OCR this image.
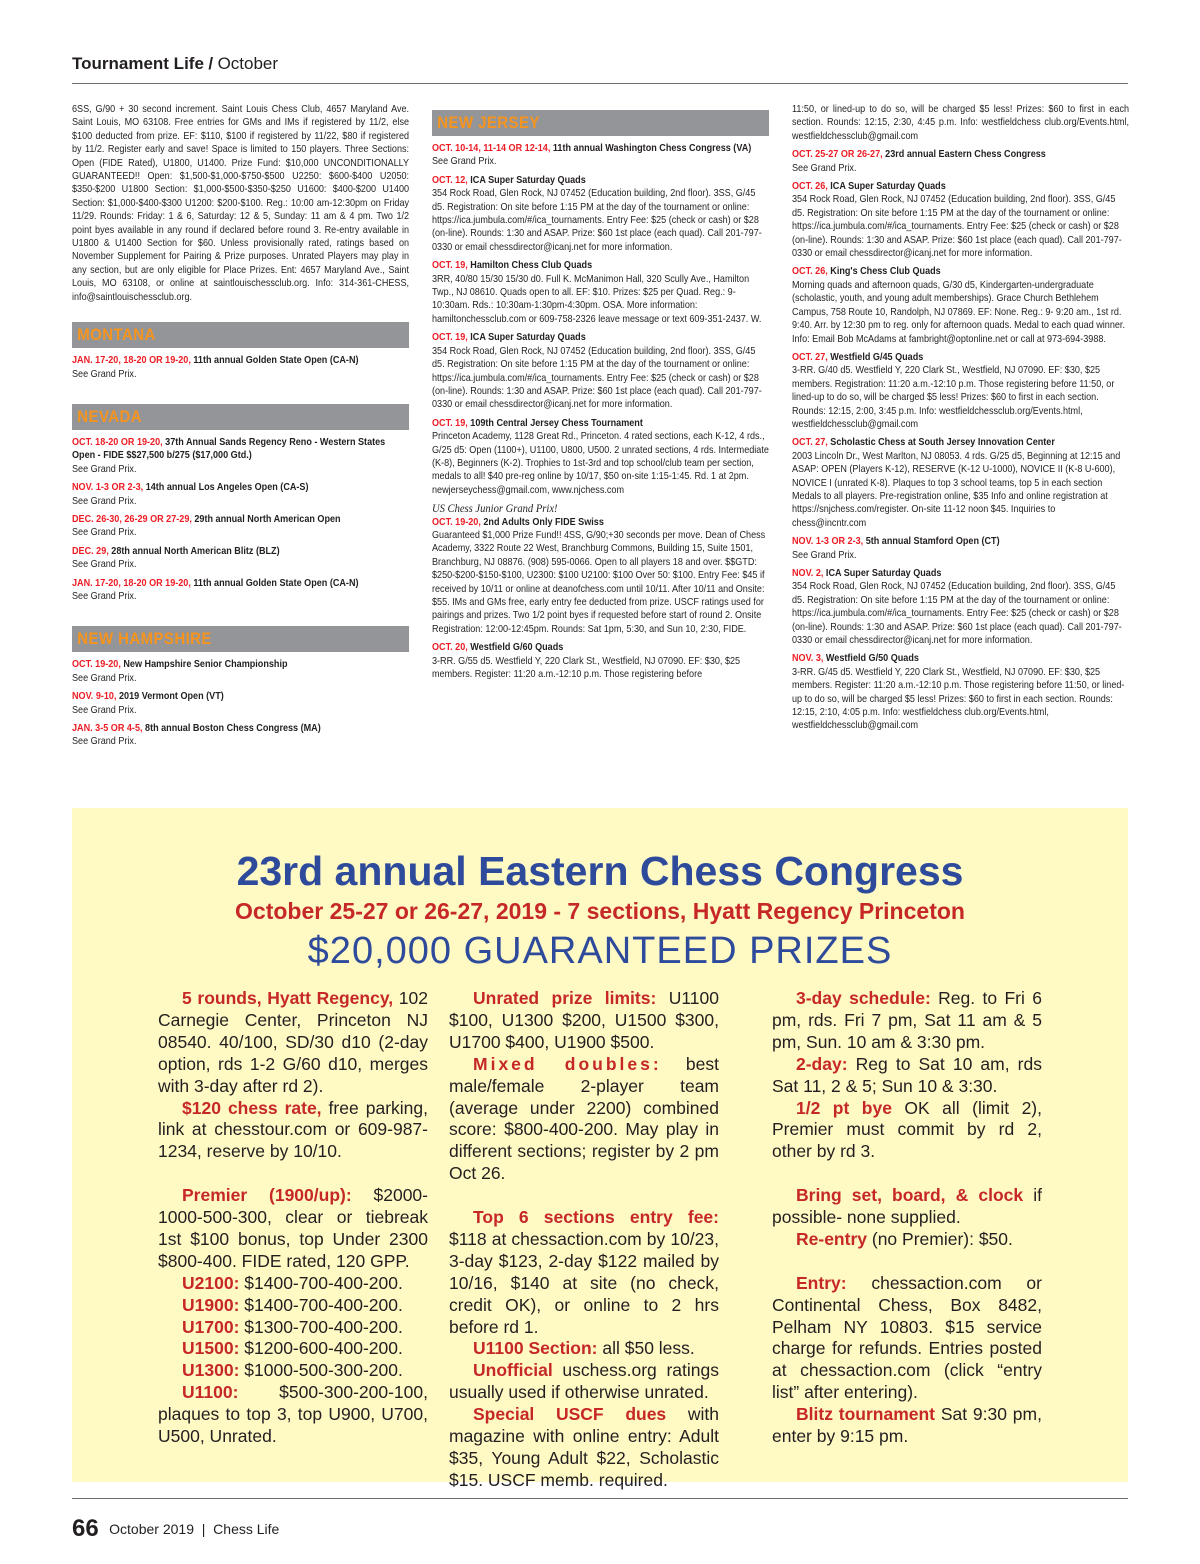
Tournament Life / October

6SS, G/90 + 30 second increment. Saint Louis Chess Club, 4657 Maryland Ave. Saint Louis, MO 63108. Free entries for GMs and IMs if registered by 11/2, else $100 deducted from prize. EF: $110, $100 if registered by 11/22, $80 if registered by 11/2. Register early and save! Space is limited to 150 players. Three Sections: Open (FIDE Rated), U1800, U1400. Prize Fund: $10,000 UNCONDITIONALLY GUARANTEED!! Open: $1,500-$1,000-$750-$500 U2250: $600-$400 U2050: $350-$200 U1800 Section: $1,000-$500-$350-$250 U1600: $400-$200 U1400 Section: $1,000-$400-$300 U1200: $200-$100. Reg.: 10:00 am-12:30pm on Friday 11/29. Rounds: Friday: 1 & 6, Saturday: 12 & 5, Sunday: 11 am & 4 pm. Two 1/2 point byes available in any round if declared before round 3. Re-entry available in U1800 & U1400 Section for $60. Unless provisionally rated, ratings based on November Supplement for Pairing & Prize purposes. Unrated Players may play in any section, but are only eligible for Place Prizes. Ent: 4657 Maryland Ave., Saint Louis, MO 63108, or online at saintlouischessclub.org. Info: 314-361-CHESS, info@saintlouischessclub.org.

MONTANA
JAN. 17-20, 18-20 OR 19-20, 11th annual Golden State Open (CA-N)
See Grand Prix.
NEVADA
OCT. 18-20 OR 19-20, 37th Annual Sands Regency Reno - Western States Open - FIDE $$27,500 b/275 ($17,000 Gtd.)
See Grand Prix.
NOV. 1-3 OR 2-3, 14th annual Los Angeles Open (CA-S)
See Grand Prix.
DEC. 26-30, 26-29 OR 27-29, 29th annual North American Open
See Grand Prix.
DEC. 29, 28th annual North American Blitz (BLZ)
See Grand Prix.
JAN. 17-20, 18-20 OR 19-20, 11th annual Golden State Open (CA-N)
See Grand Prix.
NEW HAMPSHIRE
OCT. 19-20, New Hampshire Senior Championship
See Grand Prix.
NOV. 9-10, 2019 Vermont Open (VT)
See Grand Prix.
JAN. 3-5 OR 4-5, 8th annual Boston Chess Congress (MA)
See Grand Prix.
NEW JERSEY
OCT. 10-14, 11-14 OR 12-14, 11th annual Washington Chess Congress (VA)
See Grand Prix.
OCT. 12, ICA Super Saturday Quads
354 Rock Road, Glen Rock, NJ 07452 (Education building, 2nd floor). 3SS, G/45 d5. Registration: On site before 1:15 PM at the day of the tournament or online: https://ica.jumbula.com/#/ica_tournaments. Entry Fee: $25 (check or cash) or $28 (on-line). Rounds: 1:30 and ASAP. Prize: $60 1st place (each quad). Call 201-797-0330 or email chessdirector@icanj.net for more information.
OCT. 19, Hamilton Chess Club Quads
3RR, 40/80 15/30 15/30 d0. Full K. McManimon Hall, 320 Scully Ave., Hamilton Twp., NJ 08610. Quads open to all. EF: $10. Prizes: $25 per Quad. Reg.: 9-10:30am. Rds.: 10:30am-1:30pm-4:30pm. OSA. More information: hamiltonchessclub.com or 609-758-2326 leave message or text 609-351-2437. W.
OCT. 19, ICA Super Saturday Quads
354 Rock Road, Glen Rock, NJ 07452 (Education building, 2nd floor). 3SS, G/45 d5. Registration: On site before 1:15 PM at the day of the tournament or online: https://ica.jumbula.com/#/ica_tournaments. Entry Fee: $25 (check or cash) or $28 (on-line). Rounds: 1:30 and ASAP. Prize: $60 1st place (each quad). Call 201-797-0330 or email chessdirector@icanj.net for more information.
OCT. 19, 109th Central Jersey Chess Tournament
Princeton Academy, 1128 Great Rd., Princeton. 4 rated sections, each K-12, 4 rds., G/25 d5: Open (1100+), U1100, U800, U500. 2 unrated sections, 4 rds. Intermediate (K-8), Beginners (K-2). Trophies to 1st-3rd and top school/club team per section, medals to all! $40 pre-reg online by 10/17, $50 on-site 1:15-1:45. Rd. 1 at 2pm. newjerseychess@gmail.com, www.njchess.com
US Chess Junior Grand Prix!
OCT. 19-20, 2nd Adults Only FIDE Swiss
Guaranteed $1,000 Prize Fund!! 4SS, G/90;+30 seconds per move. Dean of Chess Academy, 3322 Route 22 West, Branchburg Commons, Building 15, Suite 1501, Branchburg, NJ 08876. (908) 595-0066. Open to all players 18 and over. $$GTD: $250-$200-$150-$100, U2300: $100 U2100: $100 Over 50: $100. Entry Fee: $45 if received by 10/11 or online at deanofchess.com until 10/11. After 10/11 and Onsite: $55. IMs and GMs free, early entry fee deducted from prize. USCF ratings used for pairings and prizes. Two 1/2 point byes if requested before start of round 2. Onsite Registration: 12:00-12:45pm. Rounds: Sat 1pm, 5:30, and Sun 10, 2:30, FIDE.
OCT. 20, Westfield G/60 Quads
3-RR. G/55 d5. Westfield Y, 220 Clark St., Westfield, NJ 07090. EF: $30, $25 members. Register: 11:20 a.m.-12:10 p.m. Those registering before

11:50, or lined-up to do so, will be charged $5 less! Prizes: $60 to first in each section. Rounds: 12:15, 2:30, 4:45 p.m. Info: westfieldchess club.org/Events.html, westfieldchessclub@gmail.com

OCT. 25-27 OR 26-27, 23rd annual Eastern Chess Congress
See Grand Prix.
OCT. 26, ICA Super Saturday Quads
354 Rock Road, Glen Rock, NJ 07452 (Education building, 2nd floor). 3SS, G/45 d5. Registration: On site before 1:15 PM at the day of the tournament or online: https://ica.jumbula.com/#/ica_tournaments. Entry Fee: $25 (check or cash) or $28 (on-line). Rounds: 1:30 and ASAP. Prize: $60 1st place (each quad). Call 201-797-0330 or email chessdirector@icanj.net for more information.
OCT. 26, King's Chess Club Quads
Morning quads and afternoon quads, G/30 d5, Kindergarten-undergraduate (scholastic, youth, and young adult memberships). Grace Church Bethlehem Campus, 758 Route 10, Randolph, NJ 07869. EF: None. Reg.: 9- 9:20 am., 1st rd. 9:40. Arr. by 12:30 pm to reg. only for afternoon quads. Medal to each quad winner. Info: Email Bob McAdams at fambright@optonline.net or call at 973-694-3988.
OCT. 27, Westfield G/45 Quads
3-RR. G/40 d5. Westfield Y, 220 Clark St., Westfield, NJ 07090. EF: $30, $25 members. Registration: 11:20 a.m.-12:10 p.m. Those registering before 11:50, or lined-up to do so, will be charged $5 less! Prizes: $60 to first in each section. Rounds: 12:15, 2:00, 3:45 p.m. Info: westfieldchessclub.org/Events.html, westfieldchessclub@gmail.com
OCT. 27, Scholastic Chess at South Jersey Innovation Center
2003 Lincoln Dr., West Marlton, NJ 08053. 4 rds. G/25 d5, Beginning at 12:15 and ASAP: OPEN (Players K-12), RESERVE (K-12 U-1000), NOVICE II (K-8 U-600), NOVICE I (unrated K-8). Plaques to top 3 school teams, top 5 in each section Medals to all players. Pre-registration online, $35 Info and online registration at https://snjchess.com/register. On-site 11-12 noon $45. Inquiries to chess@incntr.com
NOV. 1-3 OR 2-3, 5th annual Stamford Open (CT)
See Grand Prix.
NOV. 2, ICA Super Saturday Quads
354 Rock Road, Glen Rock, NJ 07452 (Education building, 2nd floor). 3SS, G/45 d5. Registration: On site before 1:15 PM at the day of the tournament or online: https://ica.jumbula.com/#/ica_tournaments. Entry Fee: $25 (check or cash) or $28 (on-line). Rounds: 1:30 and ASAP. Prize: $60 1st place (each quad). Call 201-797-0330 or email chessdirector@icanj.net for more information.
NOV. 3, Westfield G/50 Quads
3-RR. G/45 d5. Westfield Y, 220 Clark St., Westfield, NJ 07090. EF: $30, $25 members. Register: 11:20 a.m.-12:10 p.m. Those registering before 11:50, or lined-up to do so, will be charged $5 less! Prizes: $60 to first in each section. Rounds: 12:15, 2:10, 4:05 p.m. Info: westfieldchess club.org/Events.html, westfieldchessclub@gmail.com
23rd annual Eastern Chess Congress
October 25-27 or 26-27, 2019 - 7 sections, Hyatt Regency Princeton
$20,000 GUARANTEED PRIZES

5 rounds, Hyatt Regency, 102 Carnegie Center, Princeton NJ 08540. 40/100, SD/30 d10 (2-day option, rds 1-2 G/60 d10, merges with 3-day after rd 2).

$120 chess rate, free parking, link at chesstour.com or 609-987-1234, reserve by 10/10.

Premier (1900/up): $2000-1000-500-300, clear or tiebreak 1st $100 bonus, top Under 2300 $800-400. FIDE rated, 120 GPP.

U2100: $1400-700-400-200.

U1900: $1400-700-400-200.

U1700: $1300-700-400-200.

U1500: $1200-600-400-200.

U1300: $1000-500-300-200.

U1100: $500-300-200-100, plaques to top 3, top U900, U700, U500, Unrated.

Unrated prize limits: U1100 $100, U1300 $200, U1500 $300, U1700 $400, U1900 $500.

Mixed doubles: best male/female 2-player team (average under 2200) combined score: $800-400-200. May play in different sections; register by 2 pm Oct 26.

Top 6 sections entry fee: $118 at chessaction.com by 10/23, 3-day $123, 2-day $122 mailed by 10/16, $140 at site (no check, credit OK), or online to 2 hrs before rd 1.

U1100 Section: all $50 less.

Unofficial uschess.org ratings usually used if otherwise unrated.

Special USCF dues with magazine with online entry: Adult $35, Young Adult $22, Scholastic $15. USCF memb. required.

3-day schedule: Reg. to Fri 6 pm, rds. Fri 7 pm, Sat 11 am & 5 pm, Sun. 10 am & 3:30 pm.

2-day: Reg to Sat 10 am, rds Sat 11, 2 & 5; Sun 10 & 3:30.

1/2 pt bye OK all (limit 2), Premier must commit by rd 2, other by rd 3.

Bring set, board, & clock if possible- none supplied.

Re-entry (no Premier): $50.

Entry: chessaction.com or Continental Chess, Box 8482, Pelham NY 10803. $15 service charge for refunds. Entries posted at chessaction.com (click “entry list” after entering).

Blitz tournament Sat 9:30 pm, enter by 9:15 pm.

66 October 2019  |  Chess Life
